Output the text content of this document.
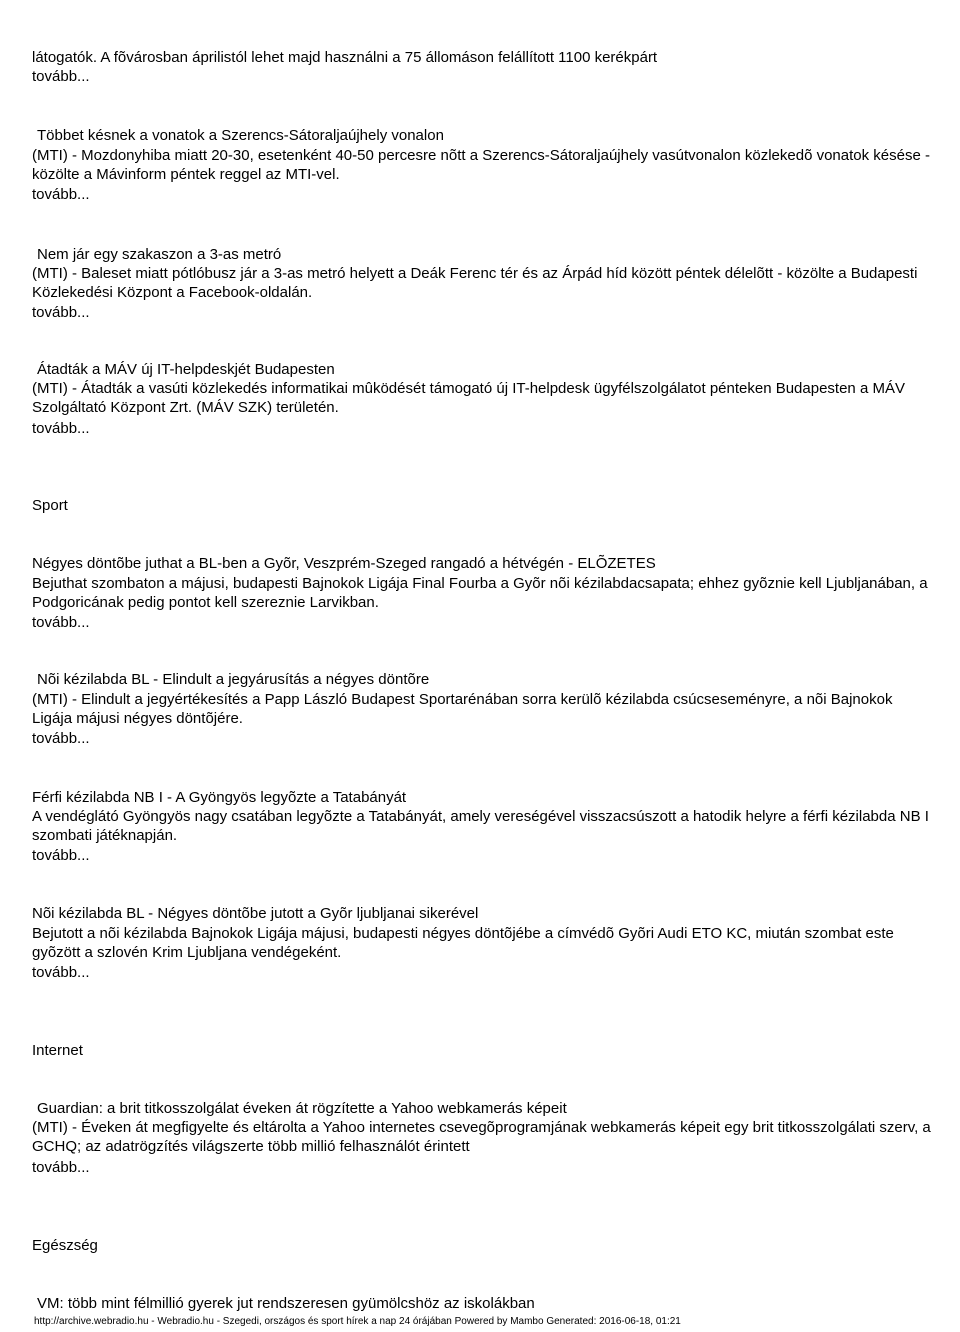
látogatók. A fõvárosban áprilistól lehet majd használni a 75 állomáson felállított 1100 kerékpárt
tovább...
Többet késnek a vonatok a Szerencs-Sátoraljaújhely vonalon
(MTI) - Mozdonyhiba miatt 20-30, esetenként 40-50 percesre nõtt a Szerencs-Sátoraljaújhely vasútvonalon közlekedõ vonatok késése - közölte a Mávinform péntek reggel az MTI-vel.
tovább...
Nem jár egy szakaszon a 3-as metró
(MTI) - Baleset miatt pótlóbusz jár a 3-as metró helyett a Deák Ferenc tér és az Árpád híd között péntek délelõtt - közölte a Budapesti Közlekedési Központ a Facebook-oldalán.
tovább...
Átadták a MÁV új IT-helpdeskjét Budapesten
(MTI) - Átadták a vasúti közlekedés informatikai mûködését támogató új IT-helpdesk ügyfélszolgálatot pénteken Budapesten a MÁV Szolgáltató Központ Zrt. (MÁV SZK) területén.
tovább...
Sport
Négyes döntõbe juthat a BL-ben a Gyõr, Veszprém-Szeged rangadó a hétvégén - ELÕZETES
Bejuthat szombaton a májusi, budapesti Bajnokok Ligája Final Fourba a Gyõr nõi kézilabdacsapata; ehhez gyõznie kell Ljubljanában, a Podgoricának pedig pontot kell szereznie Larvikban.
tovább...
Nõi kézilabda BL - Elindult a jegyárusítás a négyes döntõre
(MTI) - Elindult a jegyértékesítés a Papp László Budapest Sportarénában sorra kerülõ kézilabda csúcseseményre, a nõi Bajnokok Ligája májusi négyes döntõjére.
tovább...
Férfi kézilabda NB I - A Gyöngyös legyõzte a Tatabányát
A vendéglátó Gyöngyös nagy csatában legyõzte a Tatabányát, amely vereségével visszacsúszott a hatodik helyre a férfi kézilabda NB I szombati játéknapján.
tovább...
Nõi kézilabda BL - Négyes döntõbe jutott a Gyõr ljubljanai sikerével
Bejutott a nõi kézilabda Bajnokok Ligája májusi, budapesti négyes döntõjébe a címvédõ Gyõri Audi ETO KC, miután szombat este gyõzött a szlovén Krim Ljubljana vendégeként.
tovább...
Internet
Guardian: a brit titkosszolgálat éveken át rögzítette a Yahoo webkamerás képeit
(MTI) - Éveken át megfigyelte és eltárolta a Yahoo internetes csevegõprogramjának webkamerás képeit egy brit titkosszolgálati szerv, a GCHQ; az adatrögzítés világszerte több millió felhasználót érintett
tovább...
Egészség
VM: több mint félmillió gyerek jut rendszeresen gyümölcshöz az iskolákban
http://archive.webradio.hu - Webradio.hu - Szegedi, országos és sport hírek a nap 24 órájában Powered by Mambo Generated: 2016-06-18, 01:21
